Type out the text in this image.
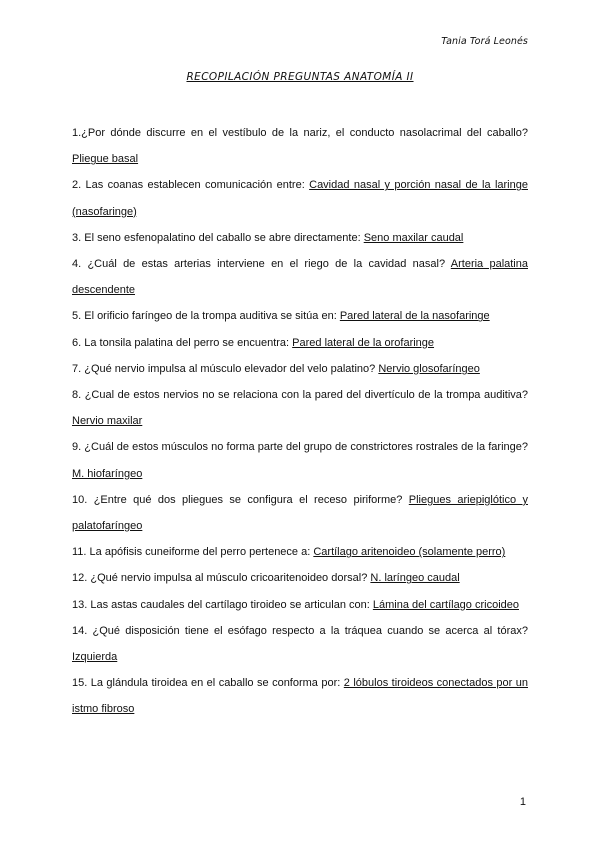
Tania Torá Leonés
RECOPILACIÓN PREGUNTAS ANATOMÍA II

1.¿Por dónde discurre en el vestíbulo de la nariz, el conducto nasolacrimal del caballo? Pliegue basal

2. Las coanas establecen comunicación entre: Cavidad nasal y porción nasal de la laringe (nasofaringe)

3. El seno esfenopalatino del caballo se abre directamente: Seno maxilar caudal

4. ¿Cuál de estas arterias interviene en el riego de la cavidad nasal? Arteria palatina descendente

5. El orificio faríngeo de la trompa auditiva se sitúa en: Pared lateral de la nasofaringe

6. La tonsila palatina del perro se encuentra: Pared lateral de la orofaringe

7. ¿Qué nervio impulsa al músculo elevador del velo palatino? Nervio glosofaríngeo

8. ¿Cual de estos nervios no se relaciona con la pared del divertículo de la trompa auditiva? Nervio maxilar

9. ¿Cuál de estos músculos no forma parte del grupo de constrictores rostrales de la faringe? M. hiofaríngeo

10. ¿Entre qué dos pliegues se configura el receso piriforme? Pliegues ariepiglótico y palatofaríngeo

11. La apófisis cuneiforme del perro pertenece a: Cartílago aritenoideo (solamente perro)

12. ¿Qué nervio impulsa al músculo cricoaritenoideo dorsal? N. laríngeo caudal

13. Las astas caudales del cartílago tiroideo se articulan con: Lámina del cartílago cricoideo

14. ¿Qué disposición tiene el esófago respecto a la tráquea cuando se acerca al tórax? Izquierda

15. La glándula tiroidea en el caballo se conforma por: 2 lóbulos tiroideos conectados por un istmo fibroso

1
